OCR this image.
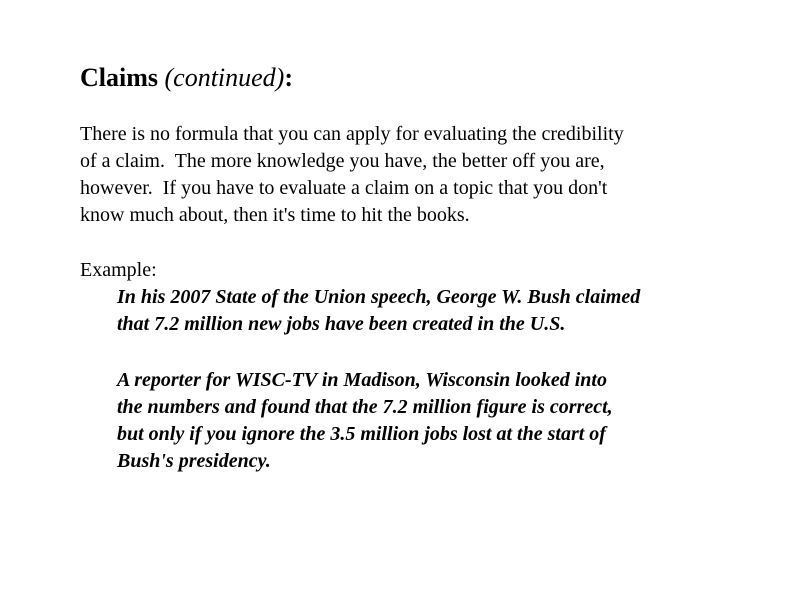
Claims (continued):
There is no formula that you can apply for evaluating the credibility
of a claim.  The more knowledge you have, the better off you are,
however.  If you have to evaluate a claim on a topic that you don't
know much about, then it's time to hit the books.
Example:
In his 2007 State of the Union speech, George W. Bush claimed
that 7.2 million new jobs have been created in the U.S.
A reporter for WISC-TV in Madison, Wisconsin looked into
the numbers and found that the 7.2 million figure is correct,
but only if you ignore the 3.5 million jobs lost at the start of
Bush's presidency.
